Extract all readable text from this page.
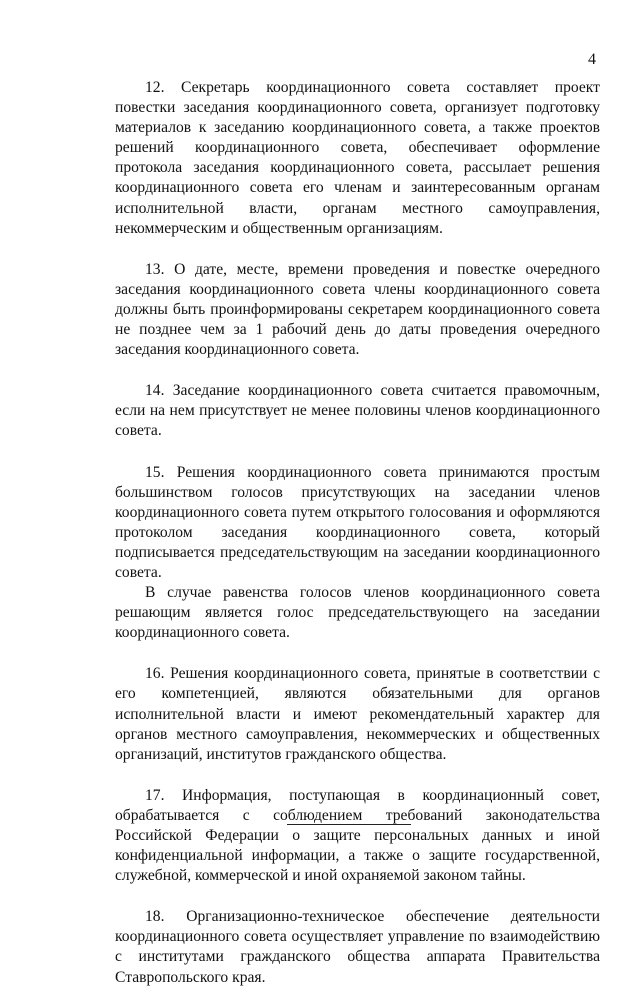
4

12. Секретарь координационного совета составляет проект повестки заседания координационного совета, организует подготовку материалов к заседанию координационного совета, а также проектов решений координационного совета, обеспечивает оформление протокола заседания координационного совета, рассылает решения координационного совета его членам и заинтересованным органам исполнительной власти, органам местного самоуправления, некоммерческим и общественным организациям.

13. О дате, месте, времени проведения и повестке очередного заседания координационного совета члены координационного совета должны быть проинформированы секретарем координационного совета не позднее чем за 1 рабочий день до даты проведения очередного заседания координационного совета.

14. Заседание координационного совета считается правомочным, если на нем присутствует не менее половины членов координационного совета.

15. Решения координационного совета принимаются простым большинством голосов присутствующих на заседании членов координационного совета путем открытого голосования и оформляются протоколом заседания координационного совета, который подписывается председательствующим на заседании координационного совета.

В случае равенства голосов членов координационного совета решающим является голос председательствующего на заседании координационного совета.

16. Решения координационного совета, принятые в соответствии с его компетенцией, являются обязательными для органов исполнительной власти и имеют рекомендательный характер для органов местного самоуправления, некоммерческих и общественных организаций, институтов гражданского общества.

17. Информация, поступающая в координационный совет, обрабатывается с соблюдением требований законодательства Российской Федерации о защите персональных данных и иной конфиденциальной информации, а также о защите государственной, служебной, коммерческой и иной охраняемой законом тайны.

18. Организационно-техническое обеспечение деятельности координационного совета осуществляет управление по взаимодействию с институтами гражданского общества аппарата Правительства Ставропольского края.
